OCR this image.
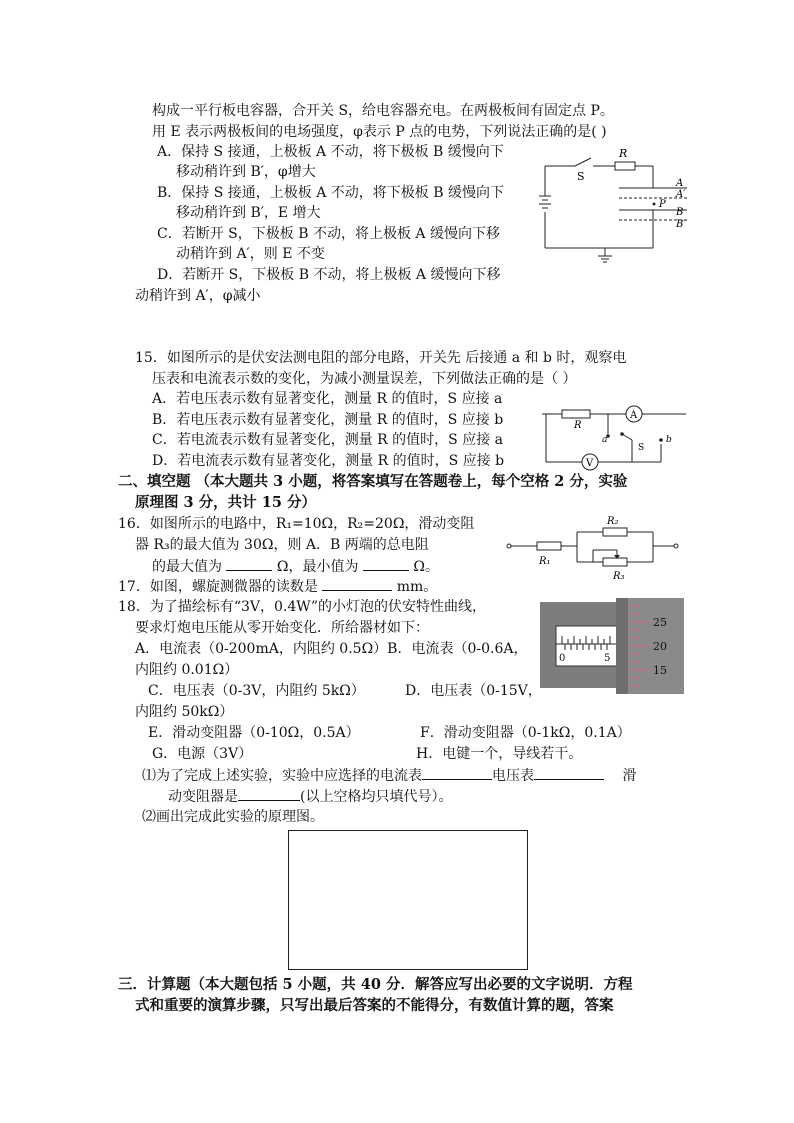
构成一平行板电容器，合开关 S，给电容器充电。在两极板间有固定点 P。
用 E 表示两极板间的电场强度，φ表示 P 点的电势，下列说法正确的是( )
A．保持 S 接通，上极板 A 不动，将下极板 B 缓慢向下
移动稍许到 B′，φ增大
B．保持 S 接通，上极板 A 不动，将下极板 B 缓慢向下
移动稍许到 B′，E 增大
C．若断开 S，下极板 B 不动，将上极板 A 缓慢向下移
动稍许到 A′，则 E 不变
D．若断开 S，下极板 B 不动，将上极板 A 缓慢向下移
动稍许到 A′，φ减小
R
S
A
A′
P
B
B′
15．如图所示的是伏安法测电阻的部分电路，开关先 后接通 a 和 b 时，观察电
压表和电流表示数的变化，为减小测量误差，下列做法正确的是（ ）
A．若电压表示数有显著变化，测量 R 的值时，S 应接 a
B．若电压表示数有显著变化，测量 R 的值时，S 应接 b
C．若电流表示数有显著变化，测量 R 的值时，S 应接 a
D．若电流表示数有显著变化，测量 R 的值时，S 应接 b
R
A
V
a	b
S
二、填空题 （本大题共 3 小题，将答案填写在答题卷上，每个空格 2 分，实验
原理图 3 分，共计 15 分）
16．如图所示的电路中，R₁=10Ω，R₂=20Ω，滑动变阻
器 R₃的最大值为 30Ω，则 A．B 两端的总电阻
的最大值为	Ω，最小值为	Ω。	R₁
R₂
R₃
17．如图，螺旋测微器的读数是	mm。
25
20
15
0	5
18．为了描绘标有“3V，0.4W”的小灯泡的伏安特性曲线，
要求灯炮电压能从零开始变化．所给器材如下：
A．电流表（0-200mA，内阻约 0.5Ω）B．电流表（0-0.6A，
内阻约 0.01Ω）
C．电压表（0-3V，内阻约 5kΩ）	D．电压表（0-15V，
内阻约 50kΩ）
E．滑动变阻器（0-10Ω，0.5A）	F．滑动变阻器（0-1kΩ，0.1A）
G．电源（3V）	H．电键一个，导线若干。
⑴为了完成上述实验，实验中应选择的电流表	电压表	滑
动变阻器是	(以上空格均只填代号）。
⑵画出完成此实验的原理图。
三．计算题（本大题包括 5 小题，共 40 分．解答应写出必要的文字说明．方程
式和重要的演算步骤，只写出最后答案的不能得分，有数值计算的题，答案
